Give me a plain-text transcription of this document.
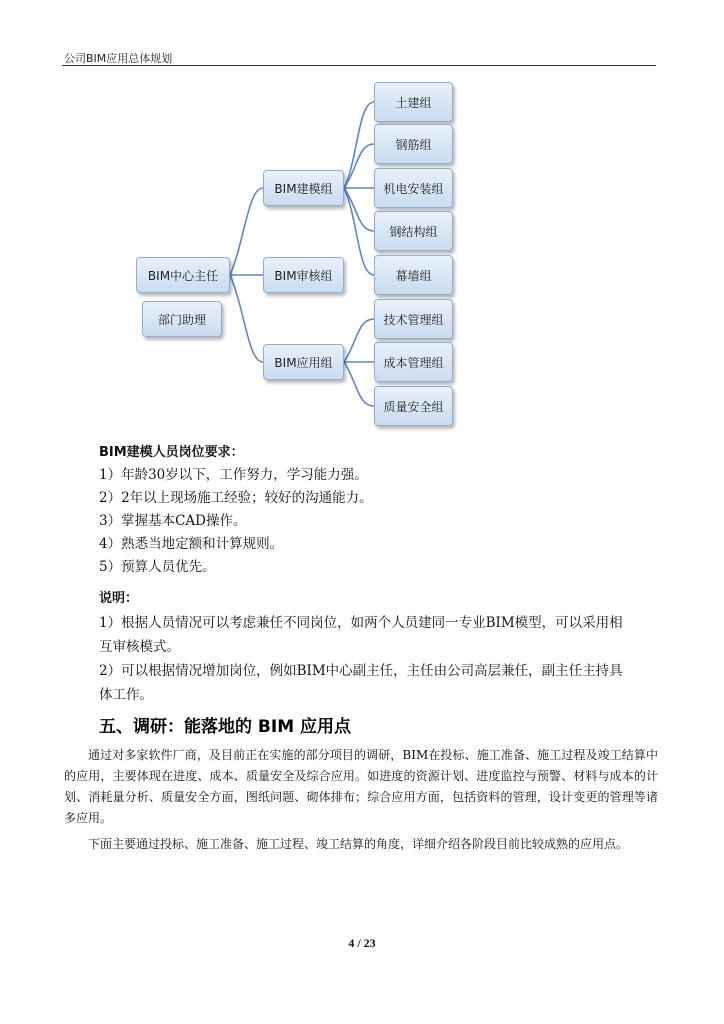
公司BIM应用总体规划
BIM中心主任
部门助理
BIM建模组
BIM审核组
BIM应用组
土建组
钢筋组
机电安装组
钢结构组
幕墙组
技术管理组
成本管理组
质量安全组
BIM建模人员岗位要求：
1）年龄30岁以下，工作努力，学习能力强。
2）2年以上现场施工经验；较好的沟通能力。
3）掌握基本CAD操作。
4）熟悉当地定额和计算规则。
5）预算人员优先。
说明：
1）根据人员情况可以考虑兼任不同岗位，如两个人员建同一专业BIM模型，可以采用相
互审核模式。
2）可以根据情况增加岗位，例如BIM中心副主任，主任由公司高层兼任，副主任主持具
体工作。
五、调研：能落地的 BIM 应用点
通过对多家软件厂商，及目前正在实施的部分项目的调研，BIM在投标、施工准备、施工过程及竣工结算中的应用，主要体现在进度、成本、质量安全及综合应用。如进度的资源计划、进度监控与预警、材料与成本的计划、消耗量分析、质量安全方面，图纸问题、砌体排布；综合应用方面，包括资料的管理，设计变更的管理等诸多应用。
下面主要通过投标、施工准备、施工过程、竣工结算的角度，详细介绍各阶段目前比较成熟的应用点。
4 / 23
